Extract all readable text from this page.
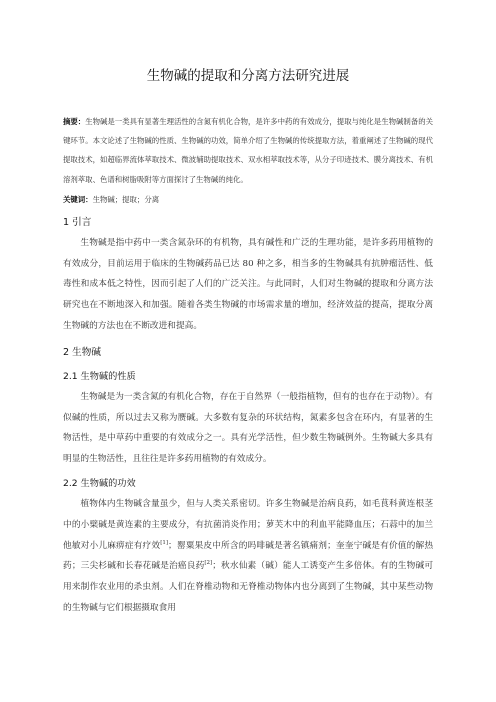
生物碱的提取和分离方法研究进展
摘要：生物碱是一类具有显著生理活性的含氮有机化合物，是许多中药的有效成分，提取与纯化是生物碱制备的关键环节。本文论述了生物碱的性质、生物碱的功效，简单介绍了生物碱的传统提取方法，着重阐述了生物碱的现代提取技术，如超临界流体萃取技术、微波辅助提取技术、双水相萃取技术等，从分子印迹技术、膜分离技术、有机溶剂萃取、色谱和树脂吸附等方面探讨了生物碱的纯化。
关键词：生物碱；提取；分离
1 引言

生物碱是指中药中一类含氮杂环的有机物，具有碱性和广泛的生理功能，是许多药用植物的有效成分，目前运用于临床的生物碱药品已达 80 种之多，相当多的生物碱具有抗肿瘤活性、低毒性和成本低之特性，因而引起了人们的广泛关注。与此同时，人们对生物碱的提取和分离方法研究也在不断地深入和加强。随着各类生物碱的市场需求量的增加，经济效益的提高，提取分离生物碱的方法也在不断改进和提高。

2 生物碱
2.1 生物碱的性质

生物碱是为一类含氮的有机化合物，存在于自然界（一般指植物，但有的也存在于动物）。有似碱的性质，所以过去又称为赝碱。大多数有复杂的环状结构，氮素多包含在环内，有显著的生物活性，是中草药中重要的有效成分之一。具有光学活性，但少数生物碱例外。生物碱大多具有明显的生物活性，且往往是许多药用植物的有效成分。

2.2 生物碱的功效

植物体内生物碱含量虽少，但与人类关系密切。许多生物碱是治病良药，如毛茛科黄连根茎中的小檗碱是黄连素的主要成分，有抗菌消炎作用；萝芙木中的利血平能降血压；石蒜中的加兰他敏对小儿麻痹症有疗效[1]；罂粟果皮中所含的吗啡碱是著名镇痛剂；奎奎宁碱是有价值的解热药；三尖杉碱和长春花碱是治癌良药[2]；秋水仙素（碱）能人工诱变产生多倍体。有的生物碱可用来制作农业用的杀虫剂。人们在脊椎动物和无脊椎动物体内也分离到了生物碱，其中某些动物的生物碱与它们根据摄取食用
